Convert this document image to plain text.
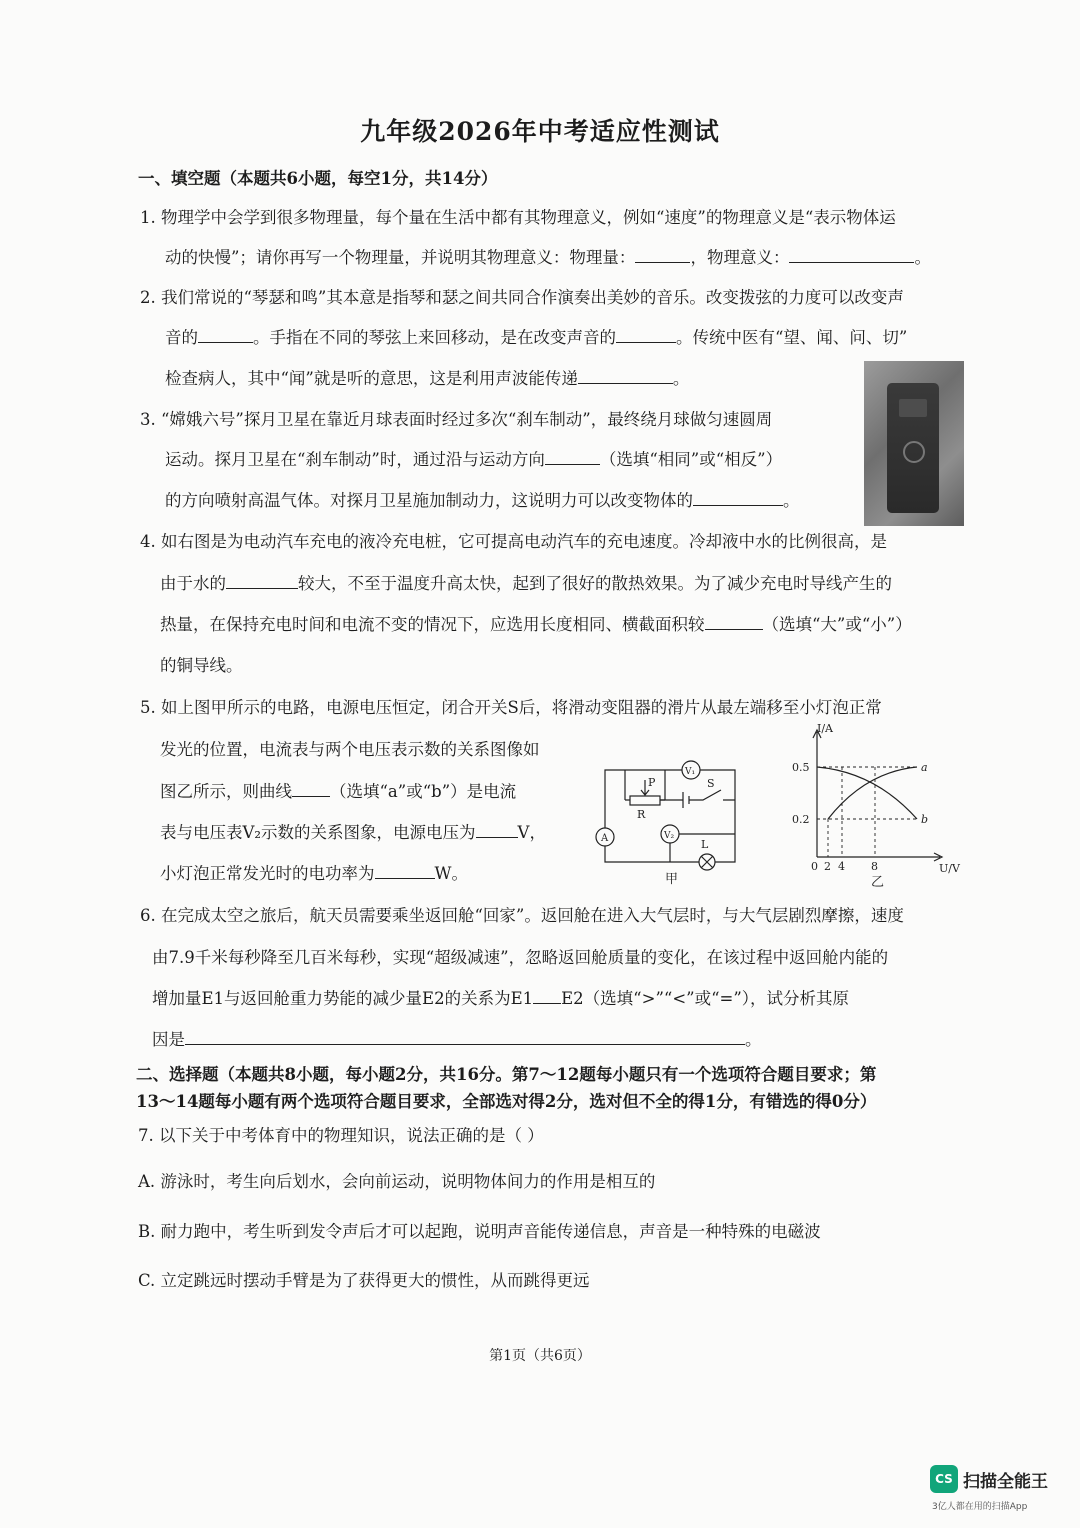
九年级2026年中考适应性测试
一、填空题（本题共6小题，每空1分，共14分）
1. 物理学中会学到很多物理量，每个量在生活中都有其物理意义，例如“速度”的物理意义是“表示物体运
动的快慢”；请你再写一个物理量，并说明其物理意义：物理量：	，物理意义：	。
2. 我们常说的“琴瑟和鸣”其本意是指琴和瑟之间共同合作演奏出美妙的音乐。改变拨弦的力度可以改变声
音的	。手指在不同的琴弦上来回移动，是在改变声音的	。传统中医有“望、闻、问、切”
检查病人，其中“闻”就是听的意思，这是利用声波能传递	。
3. “嫦娥六号”探月卫星在靠近月球表面时经过多次“刹车制动”，最终绕月球做匀速圆周
运动。探月卫星在“刹车制动”时，通过沿与运动方向	（选填“相同”或“相反”）
的方向喷射高温气体。对探月卫星施加制动力，这说明力可以改变物体的	。
4. 如右图是为电动汽车充电的液冷充电桩，它可提高电动汽车的充电速度。冷却液中水的比例很高，是
由于水的	较大，不至于温度升高太快，起到了很好的散热效果。为了减少充电时导线产生的
热量，在保持充电时间和电流不变的情况下，应选用长度相同、横截面积较	（选填“大”或“小”）
的铜导线。
5. 如上图甲所示的电路，电源电压恒定，闭合开关S后，将滑动变阻器的滑片从最左端移至小灯泡正常
发光的位置，电流表与两个电压表示数的关系图像如
图乙所示，则曲线 （选填“a”或“b”）是电流
表与电压表V₂示数的关系图象，电源电压为	V，
小灯泡正常发光时的电功率为	W。
V₁
P
R
S
A	V₂
L
甲
I/A
U/V
0.5
0.2
0 2 4 8
a
b
乙
6. 在完成太空之旅后，航天员需要乘坐返回舱“回家”。返回舱在进入大气层时，与大气层剧烈摩擦，速度
由7.9千米每秒降至几百米每秒，实现“超级减速”，忽略返回舱质量的变化，在该过程中返回舱内能的
增加量E1与返回舱重力势能的减少量E2的关系为E1 E2（选填“>”“<”或“=”），试分析其原
因是	。
二、选择题（本题共8小题，每小题2分，共16分。第7～12题每小题只有一个选项符合题目要求；第
13～14题每小题有两个选项符合题目要求，全部选对得2分，选对但不全的得1分，有错选的得0分）
7. 以下关于中考体育中的物理知识，说法正确的是（ ）
A. 游泳时，考生向后划水，会向前运动，说明物体间力的作用是相互的
B. 耐力跑中，考生听到发令声后才可以起跑，说明声音能传递信息，声音是一种特殊的电磁波
C. 立定跳远时摆动手臂是为了获得更大的惯性，从而跳得更远
第1页（共6页）
CS 扫描全能王
3亿人都在用的扫描App
